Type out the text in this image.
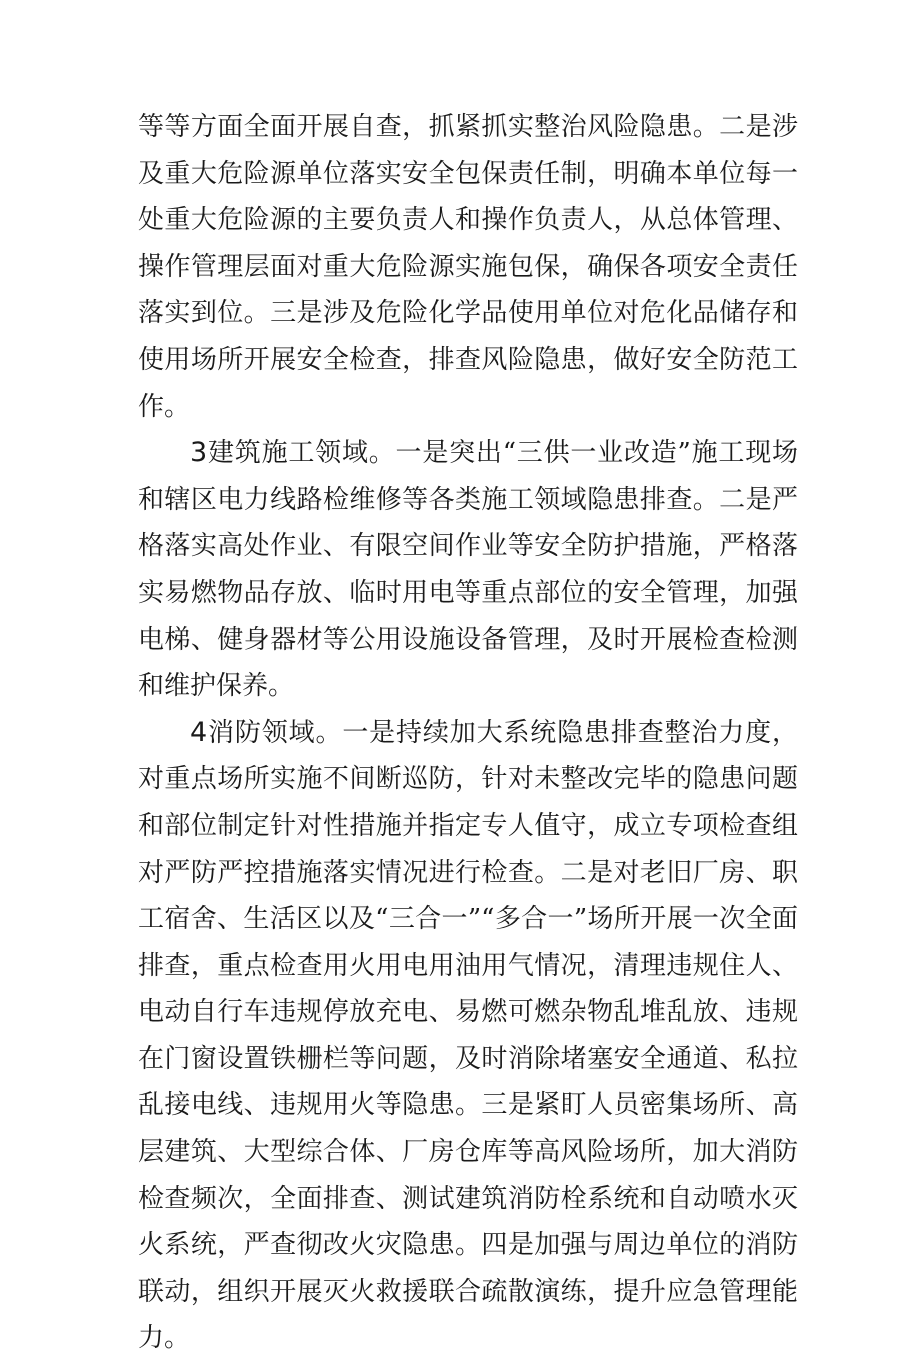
等等方面全面开展自查，抓紧抓实整治风险隐患。二是涉及重大危险源单位落实安全包保责任制，明确本单位每一处重大危险源的主要负责人和操作负责人，从总体管理、操作管理层面对重大危险源实施包保，确保各项安全责任落实到位。三是涉及危险化学品使用单位对危化品储存和使用场所开展安全检查，排查风险隐患，做好安全防范工作。

3建筑施工领域。一是突出“三供一业改造”施工现场和辖区电力线路检维修等各类施工领域隐患排查。二是严格落实高处作业、有限空间作业等安全防护措施，严格落实易燃物品存放、临时用电等重点部位的安全管理，加强电梯、健身器材等公用设施设备管理，及时开展检查检测和维护保养。

4消防领域。一是持续加大系统隐患排查整治力度，对重点场所实施不间断巡防，针对未整改完毕的隐患问题和部位制定针对性措施并指定专人值守，成立专项检查组对严防严控措施落实情况进行检查。二是对老旧厂房、职工宿舍、生活区以及“三合一”“多合一”场所开展一次全面排查，重点检查用火用电用油用气情况，清理违规住人、电动自行车违规停放充电、易燃可燃杂物乱堆乱放、违规在门窗设置铁栅栏等问题，及时消除堵塞安全通道、私拉乱接电线、违规用火等隐患。三是紧盯人员密集场所、高层建筑、大型综合体、厂房仓库等高风险场所，加大消防检查频次，全面排查、测试建筑消防栓系统和自动喷水灭火系统，严查彻改火灾隐患。四是加强与周边单位的消防联动，组织开展灭火救援联合疏散演练，提升应急管理能力。
